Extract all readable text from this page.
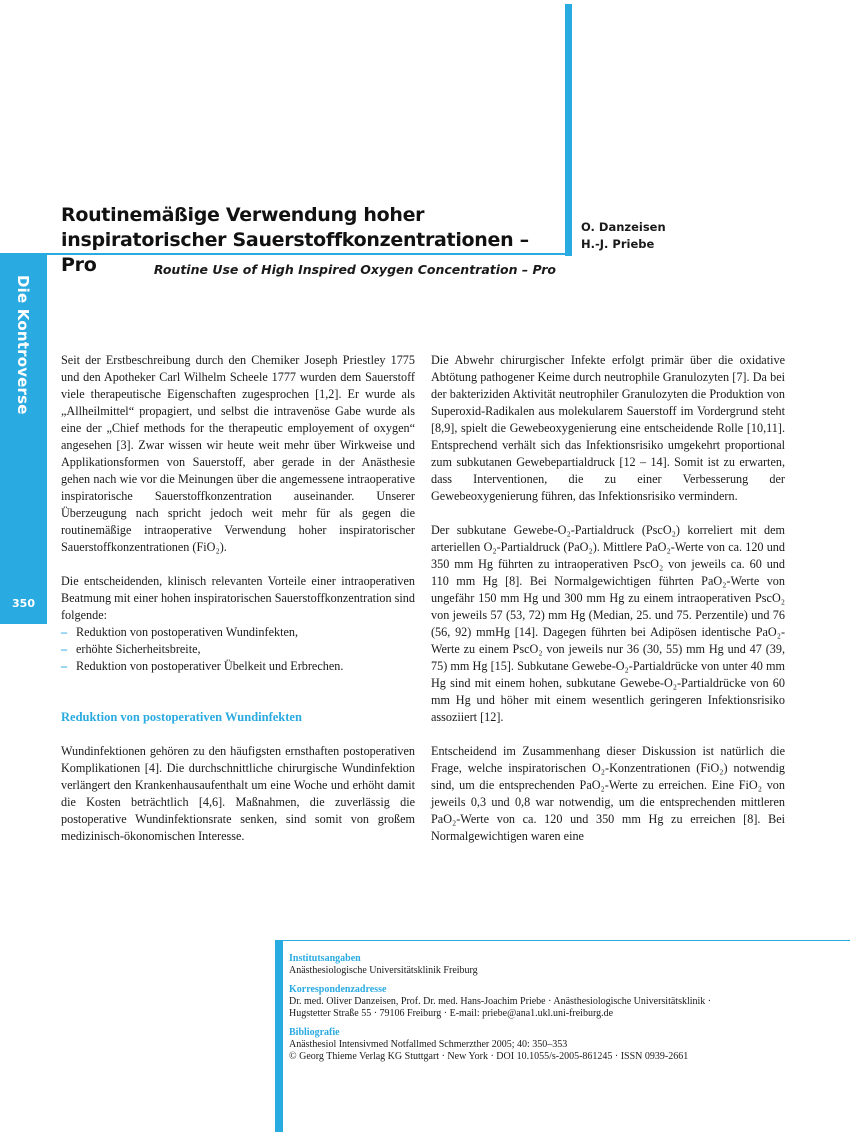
Die Kontroverse
350
Routinemäßige Verwendung hoher inspiratorischer Sauerstoffkonzentrationen – Pro
O. Danzeisen
H.-J. Priebe
Routine Use of High Inspired Oxygen Concentration – Pro

Seit der Erstbeschreibung durch den Chemiker Joseph Priestley 1775 und den Apotheker Carl Wilhelm Scheele 1777 wurden dem Sauerstoff viele therapeutische Eigenschaften zugesprochen [1,2]. Er wurde als „Allheilmittel“ propagiert, und selbst die intravenöse Gabe wurde als eine der „Chief methods for the therapeutic employement of oxygen“ angesehen [3]. Zwar wissen wir heute weit mehr über Wirkweise und Applikationsformen von Sauerstoff, aber gerade in der Anästhesie gehen nach wie vor die Meinungen über die angemessene intraoperative inspiratorische Sauerstoffkonzentration auseinander. Unserer Überzeugung nach spricht jedoch weit mehr für als gegen die routinemäßige intraoperative Verwendung hoher inspiratorischer Sauerstoffkonzentrationen (FiO₂).

Die entscheidenden, klinisch relevanten Vorteile einer intraoperativen Beatmung mit einer hohen inspiratorischen Sauerstoffkonzentration sind folgende:

– Reduktion von postoperativen Wundinfekten,
– erhöhte Sicherheitsbreite,
– Reduktion von postoperativer Übelkeit und Erbrechen.
Reduktion von postoperativen Wundinfekten

Wundinfektionen gehören zu den häufigsten ernsthaften postoperativen Komplikationen [4]. Die durchschnittliche chirurgische Wundinfektion verlängert den Krankenhausaufenthalt um eine Woche und erhöht damit die Kosten beträchtlich [4,6]. Maßnahmen, die zuverlässig die postoperative Wundinfektionsrate senken, sind somit von großem medizinisch-ökonomischen Interesse.

Die Abwehr chirurgischer Infekte erfolgt primär über die oxidative Abtötung pathogener Keime durch neutrophile Granulozyten [7]. Da bei der bakteriziden Aktivität neutrophiler Granulozyten die Produktion von Superoxid-Radikalen aus molekularem Sauerstoff im Vordergrund steht [8,9], spielt die Gewebeoxygenierung eine entscheidende Rolle [10,11]. Entsprechend verhält sich das Infektionsrisiko umgekehrt proportional zum subkutanen Gewebepartialdruck [12 – 14]. Somit ist zu erwarten, dass Interventionen, die zu einer Verbesserung der Gewebeoxygenierung führen, das Infektionsrisiko vermindern.

Der subkutane Gewebe-O₂-Partialdruck (PscO₂) korreliert mit dem arteriellen O₂-Partialdruck (PaO₂). Mittlere PaO₂-Werte von ca. 120 und 350 mm Hg führten zu intraoperativen PscO₂ von jeweils ca. 60 und 110 mm Hg [8]. Bei Normalgewichtigen führten PaO₂-Werte von ungefähr 150 mm Hg und 300 mm Hg zu einem intraoperativen PscO₂ von jeweils 57 (53, 72) mm Hg (Median, 25. und 75. Perzentile) und 76 (56, 92) mmHg [14]. Dagegen führten bei Adipösen identische PaO₂-Werte zu einem PscO₂ von jeweils nur 36 (30, 55) mm Hg und 47 (39, 75) mm Hg [15]. Subkutane Gewebe-O₂-Partialdrücke von unter 40 mm Hg sind mit einem hohen, subkutane Gewebe-O₂-Partialdrücke von 60 mm Hg und höher mit einem wesentlich geringeren Infektionsrisiko assoziiert [12].

Entscheidend im Zusammenhang dieser Diskussion ist natürlich die Frage, welche inspiratorischen O₂-Konzentrationen (FiO₂) notwendig sind, um die entsprechenden PaO₂-Werte zu erreichen. Eine FiO₂ von jeweils 0,3 und 0,8 war notwendig, um die entsprechenden mittleren PaO₂-Werte von ca. 120 und 350 mm Hg zu erreichen [8]. Bei Normalgewichtigen waren eine

Institutsangaben
Anästhesiologische Universitätsklinik Freiburg
Korrespondenzadresse
Dr. med. Oliver Danzeisen, Prof. Dr. med. Hans-Joachim Priebe · Anästhesiologische Universitätsklinik ·
Hugstetter Straße 55 · 79106 Freiburg · E-mail: priebe@ana1.ukl.uni-freiburg.de
Bibliografie
Anästhesiol Intensivmed Notfallmed Schmerzther 2005; 40: 350–353
© Georg Thieme Verlag KG Stuttgart · New York · DOI 10.1055/s-2005-861245 · ISSN 0939-2661
